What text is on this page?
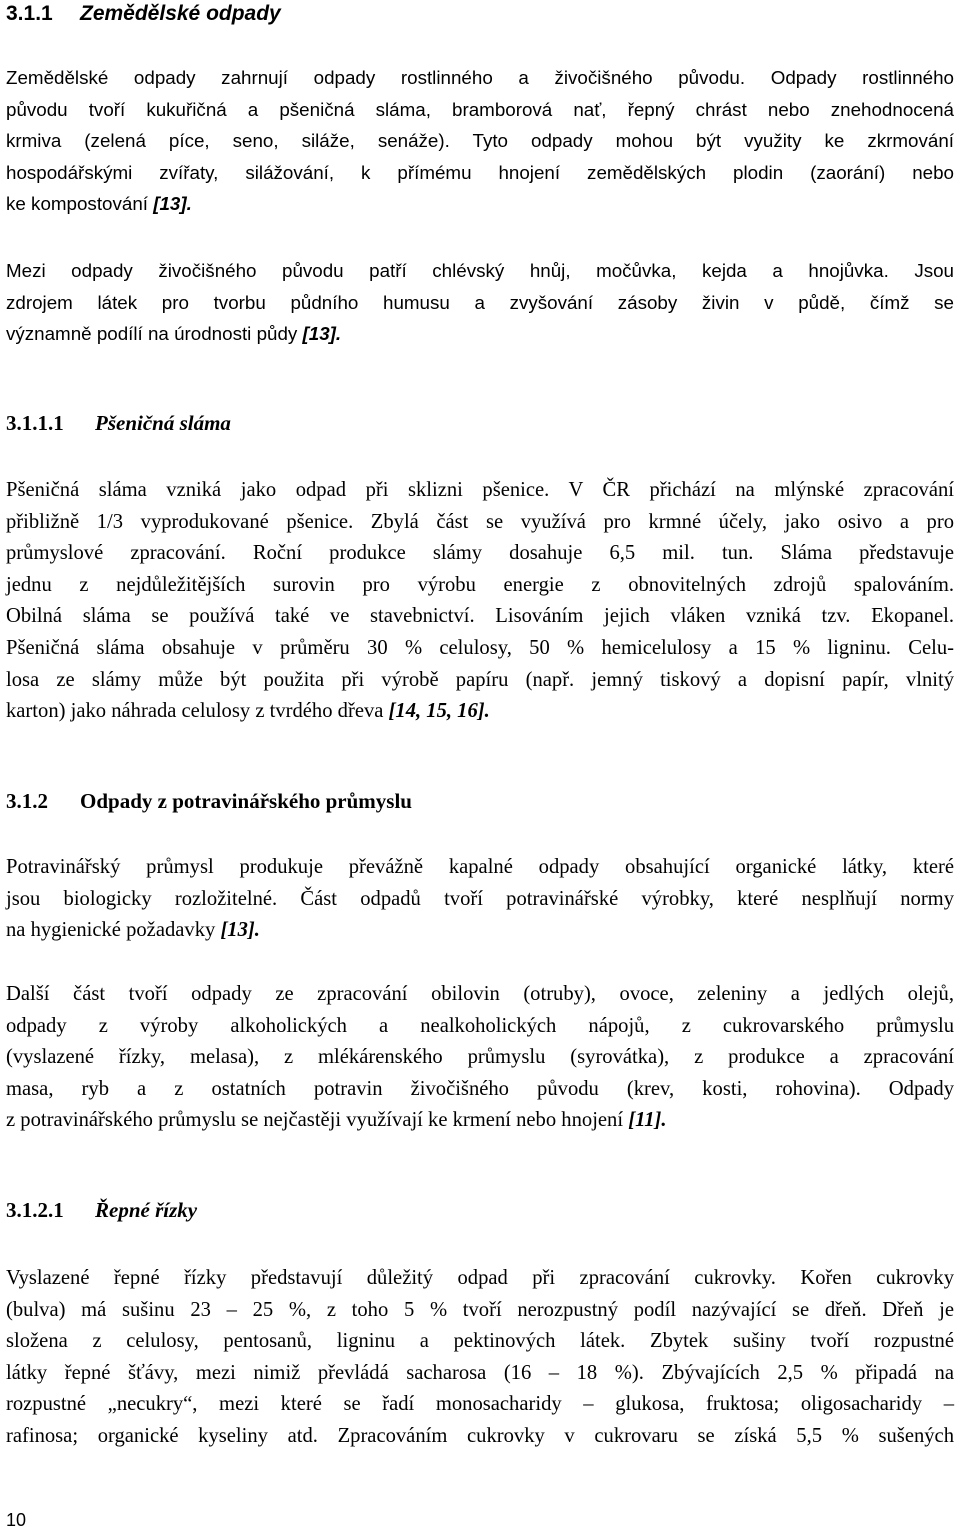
3.1.1 Zemědělské odpady
Zemědělské odpady zahrnují odpady rostlinného a živočišného původu. Odpady rostlinného
původu tvoří kukuřičná a pšeničná sláma, bramborová nať, řepný chrást nebo znehodnocená
krmiva (zelená píce, seno, siláže, senáže). Tyto odpady mohou být využity ke zkrmování
hospodářskými zvířaty, silážování, k přímému hnojení zemědělských plodin (zaorání) nebo
ke kompostování [13].
Mezi odpady živočišného původu patří chlévský hnůj, močůvka, kejda a hnojůvka. Jsou
zdrojem látek pro tvorbu půdního humusu a zvyšování zásoby živin v půdě, čímž se
významně podílí na úrodnosti půdy [13].
3.1.1.1 Pšeničná sláma
Pšeničná sláma vzniká jako odpad při sklizni pšenice. V ČR přichází na mlýnské zpracování
přibližně 1/3 vyprodukované pšenice. Zbylá část se využívá pro krmné účely, jako osivo a pro
průmyslové zpracování. Roční produkce slámy dosahuje 6,5 mil. tun. Sláma představuje
jednu z nejdůležitějších surovin pro výrobu energie z obnovitelných zdrojů spalováním.
Obilná sláma se používá také ve stavebnictví. Lisováním jejich vláken vzniká tzv. Ekopanel.
Pšeničná sláma obsahuje v průměru 30 % celulosy, 50 % hemicelulosy a 15 % ligninu. Celu-
losa ze slámy může být použita při výrobě papíru (např. jemný tiskový a dopisní papír, vlnitý
karton) jako náhrada celulosy z tvrdého dřeva [14, 15, 16].
3.1.2 Odpady z potravinářského průmyslu
Potravinářský průmysl produkuje převážně kapalné odpady obsahující organické látky, které
jsou biologicky rozložitelné. Část odpadů tvoří potravinářské výrobky, které nesplňují normy
na hygienické požadavky [13].
Další část tvoří odpady ze zpracování obilovin (otruby), ovoce, zeleniny a jedlých olejů,
odpady z výroby alkoholických a nealkoholických nápojů, z cukrovarského průmyslu
(vyslazené řízky, melasa), z mlékárenského průmyslu (syrovátka), z produkce a zpracování
masa, ryb a z ostatních potravin živočišného původu (krev, kosti, rohovina). Odpady
z potravinářského průmyslu se nejčastěji využívají ke krmení nebo hnojení [11].
3.1.2.1 Řepné řízky
Vyslazené řepné řízky představují důležitý odpad při zpracování cukrovky. Kořen cukrovky
(bulva) má sušinu 23 – 25 %, z toho 5 % tvoří nerozpustný podíl nazývající se dřeň. Dřeň je
složena z celulosy, pentosanů, ligninu a pektinových látek. Zbytek sušiny tvoří rozpustné
látky řepné šťávy, mezi nimiž převládá sacharosa (16 – 18 %). Zbývajících 2,5 % připadá na
rozpustné „necukry“, mezi které se řadí monosacharidy – glukosa, fruktosa; oligosacharidy –
rafinosa; organické kyseliny atd. Zpracováním cukrovky v cukrovaru se získá 5,5 % sušených
10
